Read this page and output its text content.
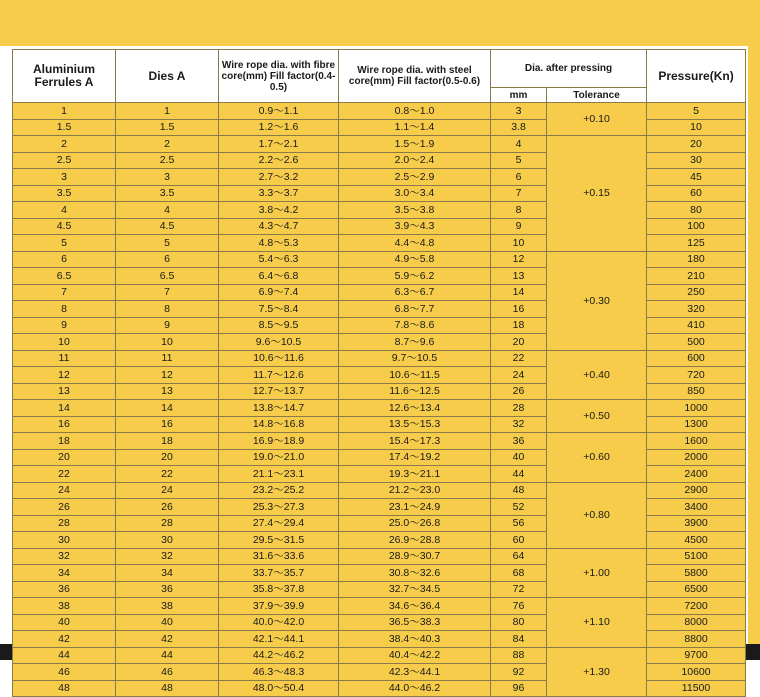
Aluminium Ferrules A	Dies A	Wire rope dia. with fibre core(mm) Fill factor(0.4-0.5)	Wire rope dia. with steel core(mm) Fill factor(0.5-0.6)	Dia. after pressing		Pressure(Kn)
				mm	Tolerance	
1	1	0.9～1.1	0.8～1.0	3	+0.10	5
1.5	1.5	1.2～1.6	1.1～1.4	3.8		10
2	2	1.7～2.1	1.5～1.9	4	+0.15	20
2.5	2.5	2.2～2.6	2.0～2.4	5		30
3	3	2.7～3.2	2.5～2.9	6		45
3.5	3.5	3.3～3.7	3.0～3.4	7		60
4	4	3.8～4.2	3.5～3.8	8		80
4.5	4.5	4.3～4.7	3.9～4.3	9		100
5	5	4.8～5.3	4.4～4.8	10		125
6	6	5.4～6.3	4.9～5.8	12	+0.30	180
6.5	6.5	6.4～6.8	5.9～6.2	13		210
7	7	6.9～7.4	6.3～6.7	14		250
8	8	7.5～8.4	6.8～7.7	16		320
9	9	8.5～9.5	7.8～8.6	18		410
10	10	9.6～10.5	8.7～9.6	20		500
11	11	10.6～11.6	9.7～10.5	22	+0.40	600
12	12	11.7～12.6	10.6～11.5	24		720
13	13	12.7～13.7	11.6～12.5	26		850
14	14	13.8～14.7	12.6～13.4	28	+0.50	1000
16	16	14.8～16.8	13.5～15.3	32		1300
18	18	16.9～18.9	15.4～17.3	36	+0.60	1600
20	20	19.0～21.0	17.4～19.2	40		2000
22	22	21.1～23.1	19.3～21.1	44		2400
24	24	23.2～25.2	21.2～23.0	48	+0.80	2900
26	26	25.3～27.3	23.1～24.9	52		3400
28	28	27.4～29.4	25.0～26.8	56		3900
30	30	29.5～31.5	26.9～28.8	60		4500
32	32	31.6～33.6	28.9～30.7	64	+1.00	5100
34	34	33.7～35.7	30.8～32.6	68		5800
36	36	35.8～37.8	32.7～34.5	72		6500
38	38	37.9～39.9	34.6～36.4	76	+1.10	7200
40	40	40.0～42.0	36.5～38.3	80		8000
42	42	42.1～44.1	38.4～40.3	84		8800
44	44	44.2～46.2	40.4～42.2	88	+1.30	9700
46	46	46.3～48.3	42.3～44.1	92		10600
48	48	48.0～50.4	44.0～46.2	96		11500
